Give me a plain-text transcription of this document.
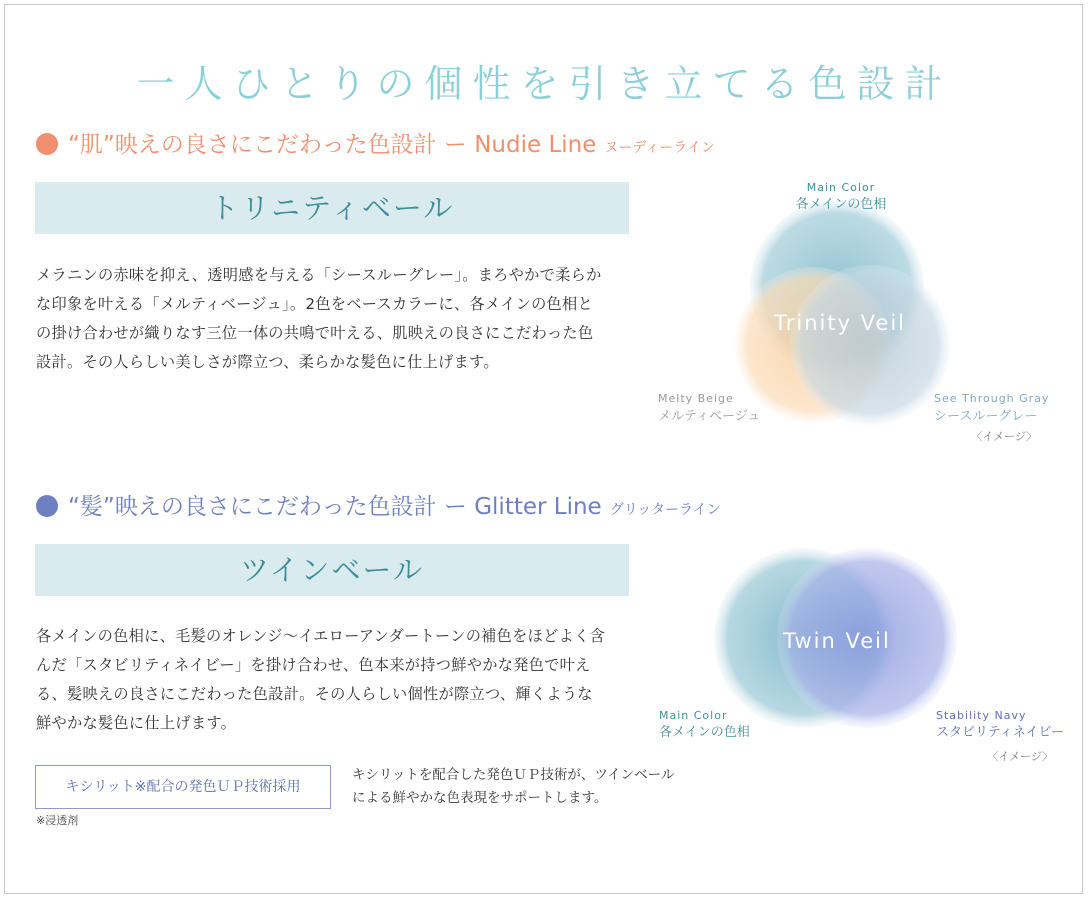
一人ひとりの個性を引き立てる色設計
“肌”映えの良さにこだわった色設計 ー Nudie Line ヌーディーライン
トリニティベール

メラニンの赤味を抑え、透明感を与える「シースルーグレー」。まろやかで柔らかな印象を叶える「メルティベージュ」。2色をベースカラーに、各メインの色相との掛け合わせが織りなす三位一体の共鳴で叶える、肌映えの良さにこだわった色設計。その人らしい美しさが際立つ、柔らかな髪色に仕上げます。

Trinity Veil
Main Color
各メインの色相
Melty Beige
メルティベージュ
See Through Gray
シースルーグレー
〈イメージ〉
“髪”映えの良さにこだわった色設計 ー Glitter Line グリッターライン
ツインベール

各メインの色相に、毛髪のオレンジ〜イエローアンダートーンの補色をほどよく含んだ「スタビリティネイビー」を掛け合わせ、色本来が持つ鮮やかな発色で叶える、髪映えの良さにこだわった色設計。その人らしい個性が際立つ、輝くような鮮やかな髪色に仕上げます。

Twin Veil
Main Color
各メインの色相
Stability Navy
スタビリティネイビー
〈イメージ〉
キシリット※配合の発色ＵＰ技術採用
※浸透剤

キシリットを配合した発色ＵＰ技術が、ツインベールによる鮮やかな色表現をサポートします。
